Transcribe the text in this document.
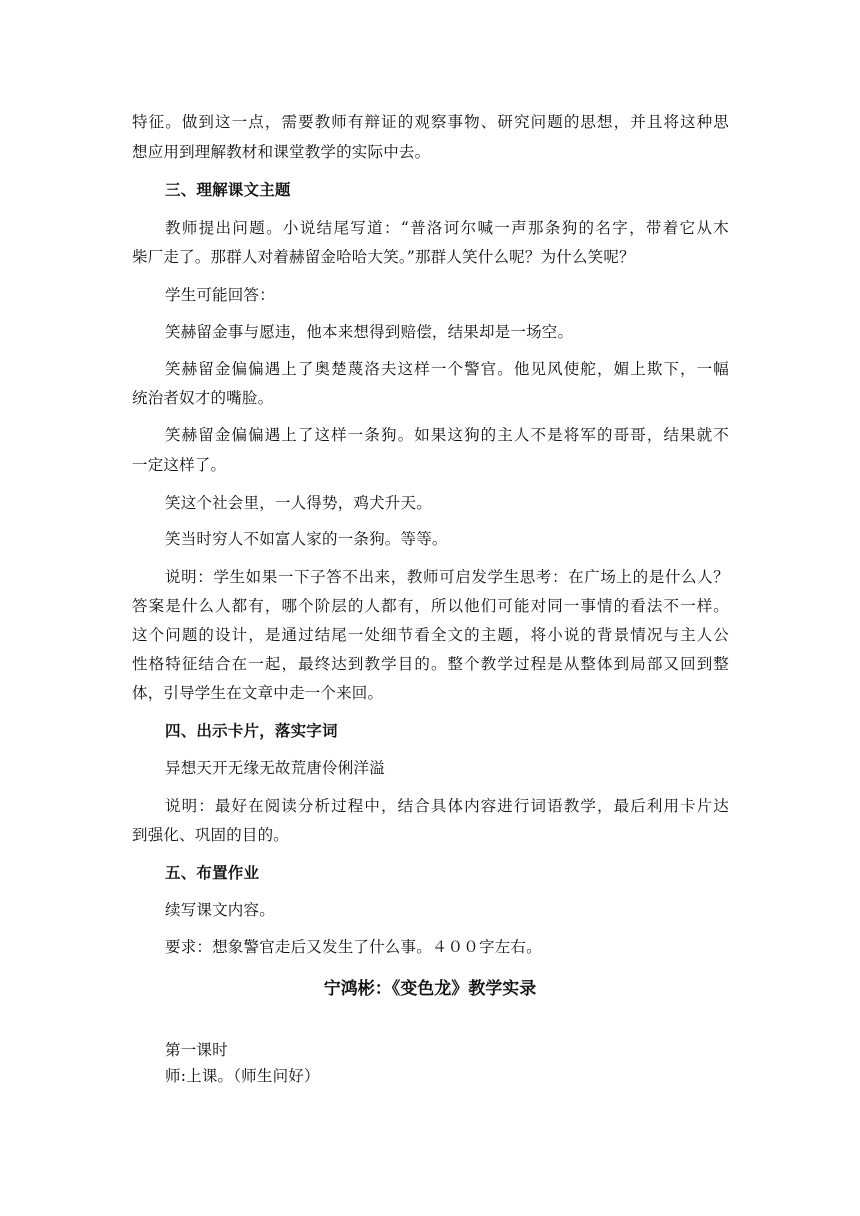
特征。做到这一点，需要教师有辩证的观察事物、研究问题的思想，并且将这种思
想应用到理解教材和课堂教学的实际中去。
三、理解课文主题
教师提出问题。小说结尾写道：“普洛诃尔喊一声那条狗的名字，带着它从木
柴厂走了。那群人对着赫留金哈哈大笑。”那群人笑什么呢？为什么笑呢？
学生可能回答：
笑赫留金事与愿违，他本来想得到赔偿，结果却是一场空。
笑赫留金偏偏遇上了奥楚蔑洛夫这样一个警官。他见风使舵，媚上欺下，一幅
统治者奴才的嘴脸。
笑赫留金偏偏遇上了这样一条狗。如果这狗的主人不是将军的哥哥，结果就不
一定这样了。
笑这个社会里，一人得势，鸡犬升天。
笑当时穷人不如富人家的一条狗。等等。
说明：学生如果一下子答不出来，教师可启发学生思考：在广场上的是什么人？
答案是什么人都有，哪个阶层的人都有，所以他们可能对同一事情的看法不一样。
这个问题的设计，是通过结尾一处细节看全文的主题，将小说的背景情况与主人公
性格特征结合在一起，最终达到教学目的。整个教学过程是从整体到局部又回到整
体，引导学生在文章中走一个来回。
四、出示卡片，落实字词
异想天开无缘无故荒唐伶俐洋溢
说明：最好在阅读分析过程中，结合具体内容进行词语教学，最后利用卡片达
到强化、巩固的目的。
五、布置作业
续写课文内容。
要求：想象警官走后又发生了什么事。４００字左右。
宁鸿彬：《变色龙》教学实录
第一课时
师:上课。（师生问好）
